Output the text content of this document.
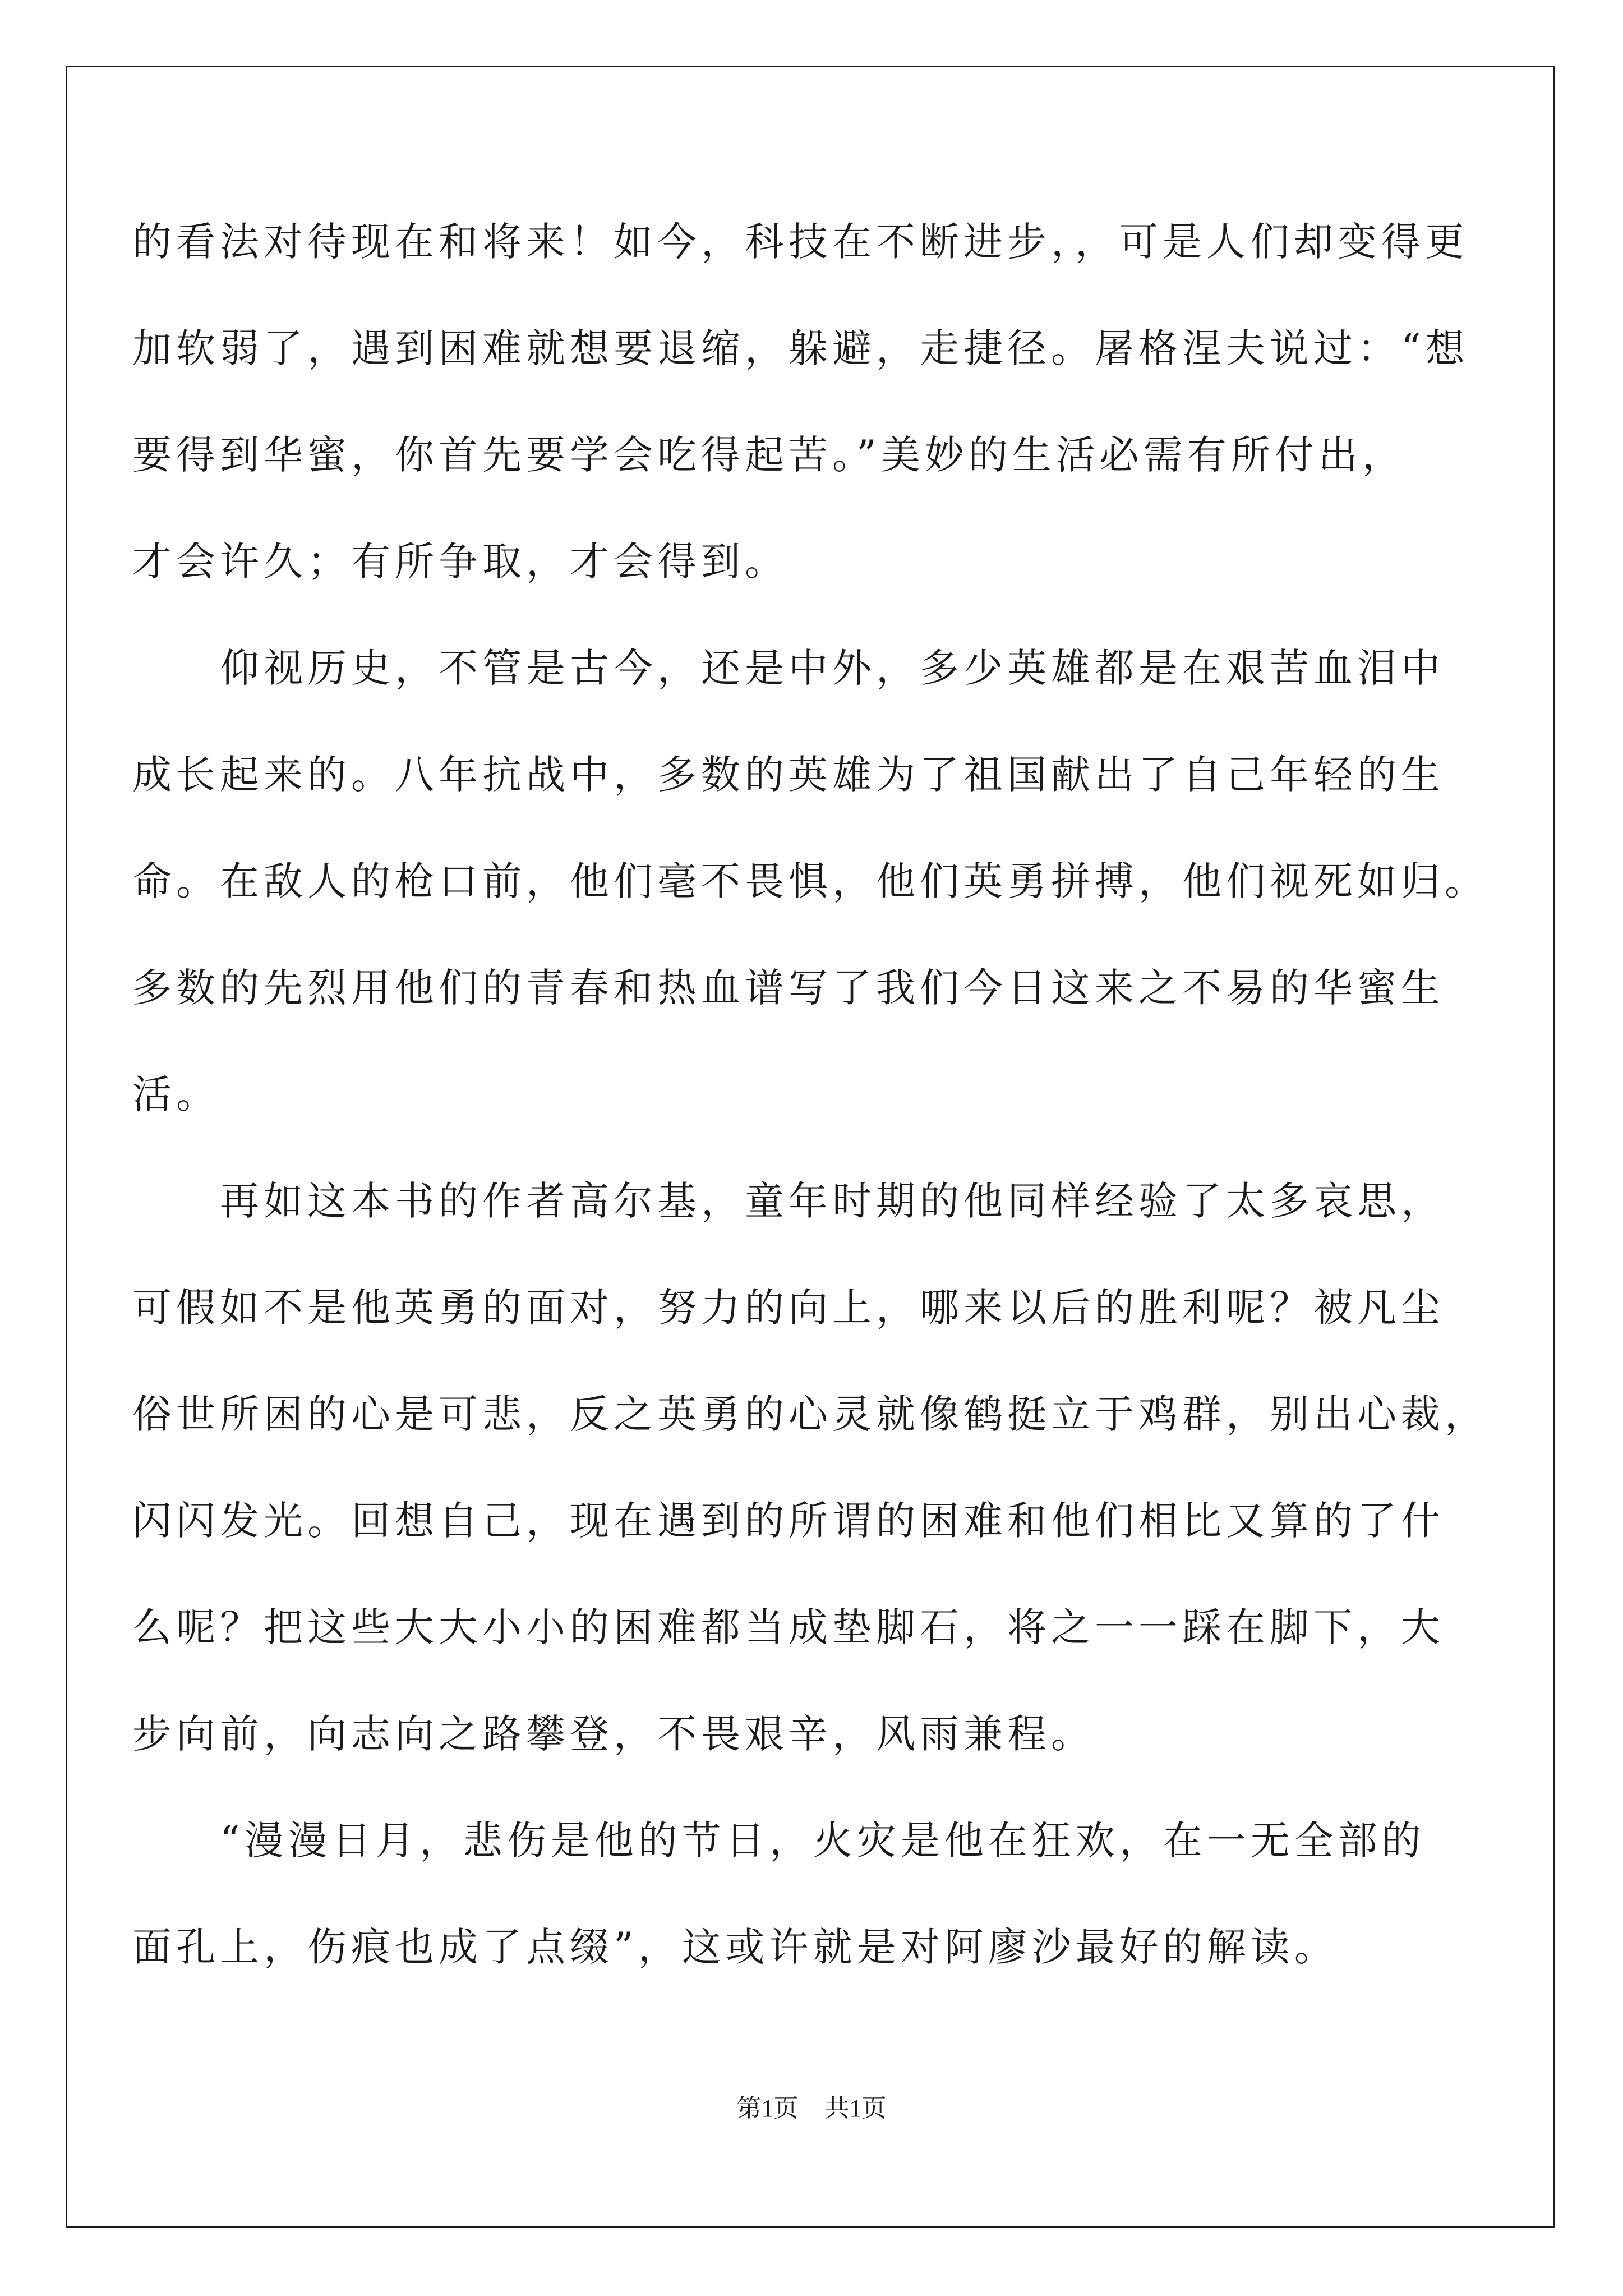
的看法对待现在和将来！如今，科技在不断进步，，可是人们却变得更
加软弱了，遇到困难就想要退缩，躲避，走捷径。屠格涅夫说过：“想
要得到华蜜，你首先要学会吃得起苦。”美妙的生活必需有所付出，
才会许久；有所争取，才会得到。
　　仰视历史，不管是古今，还是中外，多少英雄都是在艰苦血泪中
成长起来的。八年抗战中，多数的英雄为了祖国献出了自己年轻的生
命。在敌人的枪口前，他们毫不畏惧，他们英勇拼搏，他们视死如归。
多数的先烈用他们的青春和热血谱写了我们今日这来之不易的华蜜生
活。
　　再如这本书的作者高尔基，童年时期的他同样经验了太多哀思，
可假如不是他英勇的面对，努力的向上，哪来以后的胜利呢？被凡尘
俗世所困的心是可悲，反之英勇的心灵就像鹤挺立于鸡群，别出心裁，
闪闪发光。回想自己，现在遇到的所谓的困难和他们相比又算的了什
么呢？把这些大大小小的困难都当成垫脚石，将之一一踩在脚下，大
步向前，向志向之路攀登，不畏艰辛，风雨兼程。
　　“漫漫日月，悲伤是他的节日，火灾是他在狂欢，在一无全部的
面孔上，伤痕也成了点缀”，这或许就是对阿廖沙最好的解读。
第1页 共1页
